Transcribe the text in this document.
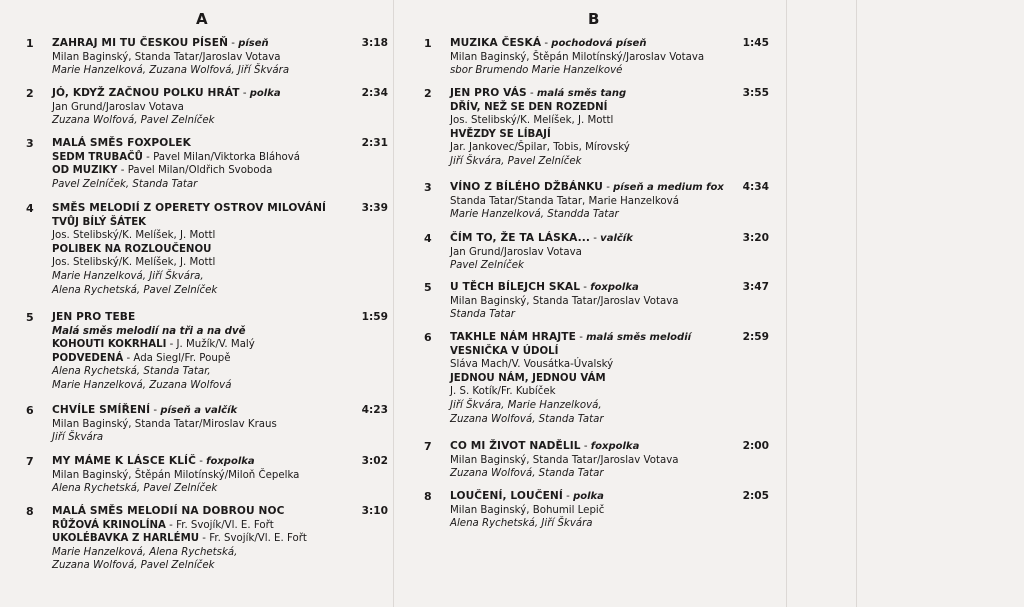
A
1	ZAHRAJ MI TU ČESKOU PÍSEŇ - píseň	3:18
Milan Baginský, Standa Tatar/Jaroslav Votava
Marie Hanzelková, Zuzana Wolfová, Jiří Škvára
2	JÓ, KDYŽ ZAČNOU POLKU HRÁT - polka	2:34
Jan Grund/Jaroslav Votava
Zuzana Wolfová, Pavel Zelníček
3	MALÁ SMĚS FOXPOLEK	2:31
SEDM TRUBAČŮ - Pavel Milan/Viktorka Bláhová
OD MUZIKY - Pavel Milan/Oldřich Svoboda
Pavel Zelníček, Standa Tatar
4	SMĚS MELODIÍ Z OPERETY OSTROV MILOVÁNÍ	3:39
TVŮJ BÍLÝ ŠÁTEK
Jos. Stelibský/K. Melíšek, J. Mottl
POLIBEK NA ROZLOUČENOU
Jos. Stelibský/K. Melíšek, J. Mottl
Marie Hanzelková, Jiří Škvára,
Alena Rychetská, Pavel Zelníček
5	JEN PRO TEBE	1:59
Malá směs melodií na tři a na dvě
KOHOUTI KOKRHALI - J. Mužík/V. Malý
PODVEDENÁ - Ada Siegl/Fr. Poupě
Alena Rychetská, Standa Tatar,
Marie Hanzelková, Zuzana Wolfová
6	CHVÍLE SMÍŘENÍ - píseň a valčík	4:23
Milan Baginský, Standa Tatar/Miroslav Kraus
Jiří Škvára
7	MY MÁME K LÁSCE KLÍČ - foxpolka	3:02
Milan Baginský, Štěpán Milotínský/Miloň Čepelka
Alena Rychetská, Pavel Zelníček
8	MALÁ SMĚS MELODIÍ NA DOBROU NOC	3:10
RŮŽOVÁ KRINOLÍNA - Fr. Svojík/Vl. E. Fořt
UKOLÉBAVKA Z HARLÉMU - Fr. Svojík/Vl. E. Fořt
Marie Hanzelková, Alena Rychetská,
Zuzana Wolfová, Pavel Zelníček
B
1	MUZIKA ČESKÁ - pochodová píseň	1:45
Milan Baginský, Štěpán Milotínský/Jaroslav Votava
sbor Brumendo Marie Hanzelkové
2	JEN PRO VÁS - malá směs tang	3:55
DŘÍV, NEŽ SE DEN ROZEDNÍ
Jos. Stelibský/K. Melíšek, J. Mottl
HVĚZDY SE LÍBAJÍ
Jar. Jankovec/Špilar, Tobis, Mírovský
Jiří Škvára, Pavel Zelníček
3	VÍNO Z BÍLÉHO DŽBÁNKU - píseň a medium fox 4:34
Standa Tatar/Standa Tatar, Marie Hanzelková
Marie Hanzelková, Standda Tatar
4	ČÍM TO, ŽE TA LÁSKA... - valčík	3:20
Jan Grund/Jaroslav Votava
Pavel Zelníček
5	U TĚCH BÍLEJCH SKAL - foxpolka	3:47
Milan Baginský, Standa Tatar/Jaroslav Votava
Standa Tatar
6	TAKHLE NÁM HRAJTE - malá směs melodií	2:59
VESNIČKA V ÚDOLÍ
Sláva Mach/V. Vousátka-Úvalský
JEDNOU NÁM, JEDNOU VÁM
J. S. Kotík/Fr. Kubíček
Jiří Škvára, Marie Hanzelková,
Zuzana Wolfová, Standa Tatar
7	CO MI ŽIVOT NADĚLIL - foxpolka	2:00
Milan Baginský, Standa Tatar/Jaroslav Votava
Zuzana Wolfová, Standa Tatar
8	LOUČENÍ, LOUČENÍ - polka	2:05
Milan Baginský, Bohumil Lepič
Alena Rychetská, Jiří Škvára
